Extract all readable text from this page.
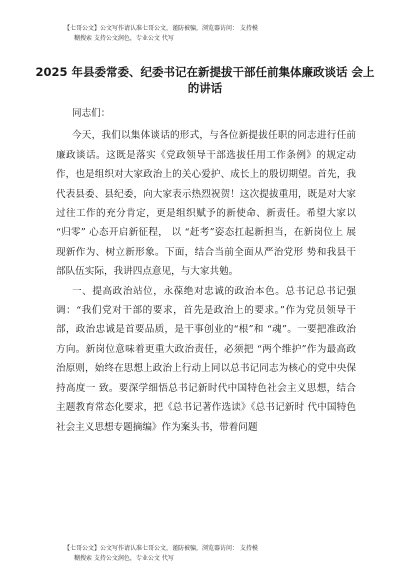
【七哥公文】公文写作请认准七哥公文，谨防被骗，浏览器访问： 支持模
糊搜索 支持公文润色，专业公文 代写
2025 年县委常委、纪委书记在新提拔干部任前集体廉政谈话 会上的讲话

同志们：

今天，我们以集体谈话的形式，与各位新提拔任职的同志进行任前廉政谈话。这既是落实《党政领导干部选拔任用工作条例》的规定动作，也是组织对大家政治上的关心爱护、成长上的殷切期望。首先，我代表县委、县纪委，向大家表示热烈祝贺！这次提拔重用，既是对大家过往工作的充分肯定，更是组织赋予的新使命、新责任。希望大家以 “归零” 心态开启新征程， 以 “赶考”姿态扛起新担当，在新岗位上 展现新作为、树立新形象。下面，结合当前全面从严治党形 势和我县干部队伍实际，我讲四点意见，与大家共勉。

一、提高政治站位，永葆绝对忠诚的政治本色。总书记总书记强调：“我们党对干部的要求，首先是政治上的要求。”作为党员领导干部，政治忠诚是首要品质，是干事创业的“根”和 “魂”。一要把准政治方向。新岗位意味着更重大政治责任，必须把 “两个维护”作为最高政治原则，始终在思想上政治上行动上同以总书记同志为核心的党中央保持高度一 致。要深学细悟总书记新时代中国特色社会主义思想，结合 主题教育常态化要求，把《总书记著作选读》《总书记新时 代中国特色社会主义思想专题摘编》作为案头书，带着问题

【七哥公文】公文写作请认准七哥公文，谨防被骗，浏览器访问： 支持模
糊搜索 支持公文润色，专业公文 代写
